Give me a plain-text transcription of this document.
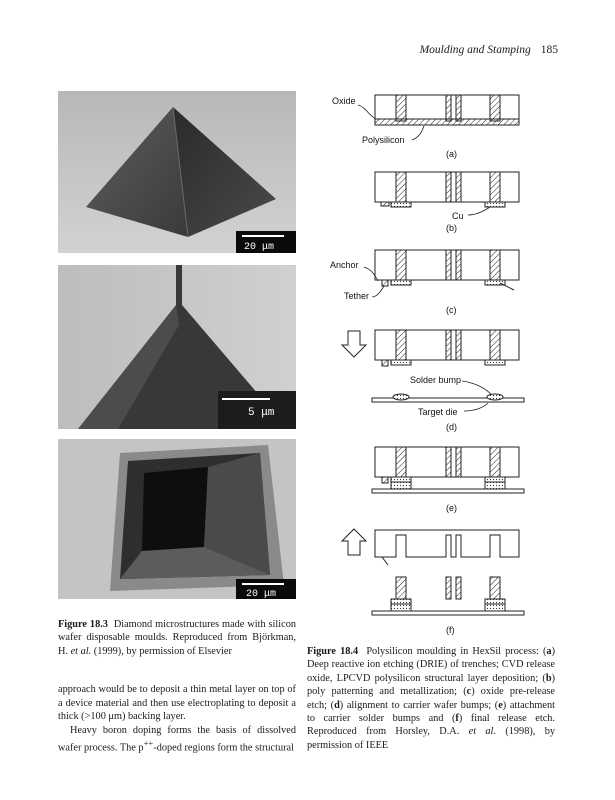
Moulding and Stamping 185
20 μm
5 μm
20 μm
Oxide
Polysilicon
(a)
Cu
(b)
Anchor
Tether
(c)
Solder bump
Target die
(d)
(e)
(f)
Figure 18.3 Diamond microstructures made with silicon wafer disposable moulds. Reproduced from Björkman, H. et al. (1999), by permission of Elsevier	Figure 18.4 Polysilicon moulding in HexSil process: (a) Deep reactive ion etching (DRIE) of trenches; CVD release oxide, LPCVD polysilicon structural layer deposition; (b) poly patterning and metallization; (c) oxide pre-release etch; (d) alignment to carrier wafer bumps; (e) attachment to carrier solder bumps and (f) final release etch. Reproduced from Horsley, D.A. et al. (1998), by permission of IEEE

approach would be to deposit a thin metal layer on top of a device material and then use electroplating to deposit a thick (>100 μm) backing layer.

Heavy boron doping forms the basis of dissolved wafer process. The p++-doped regions form the structural
